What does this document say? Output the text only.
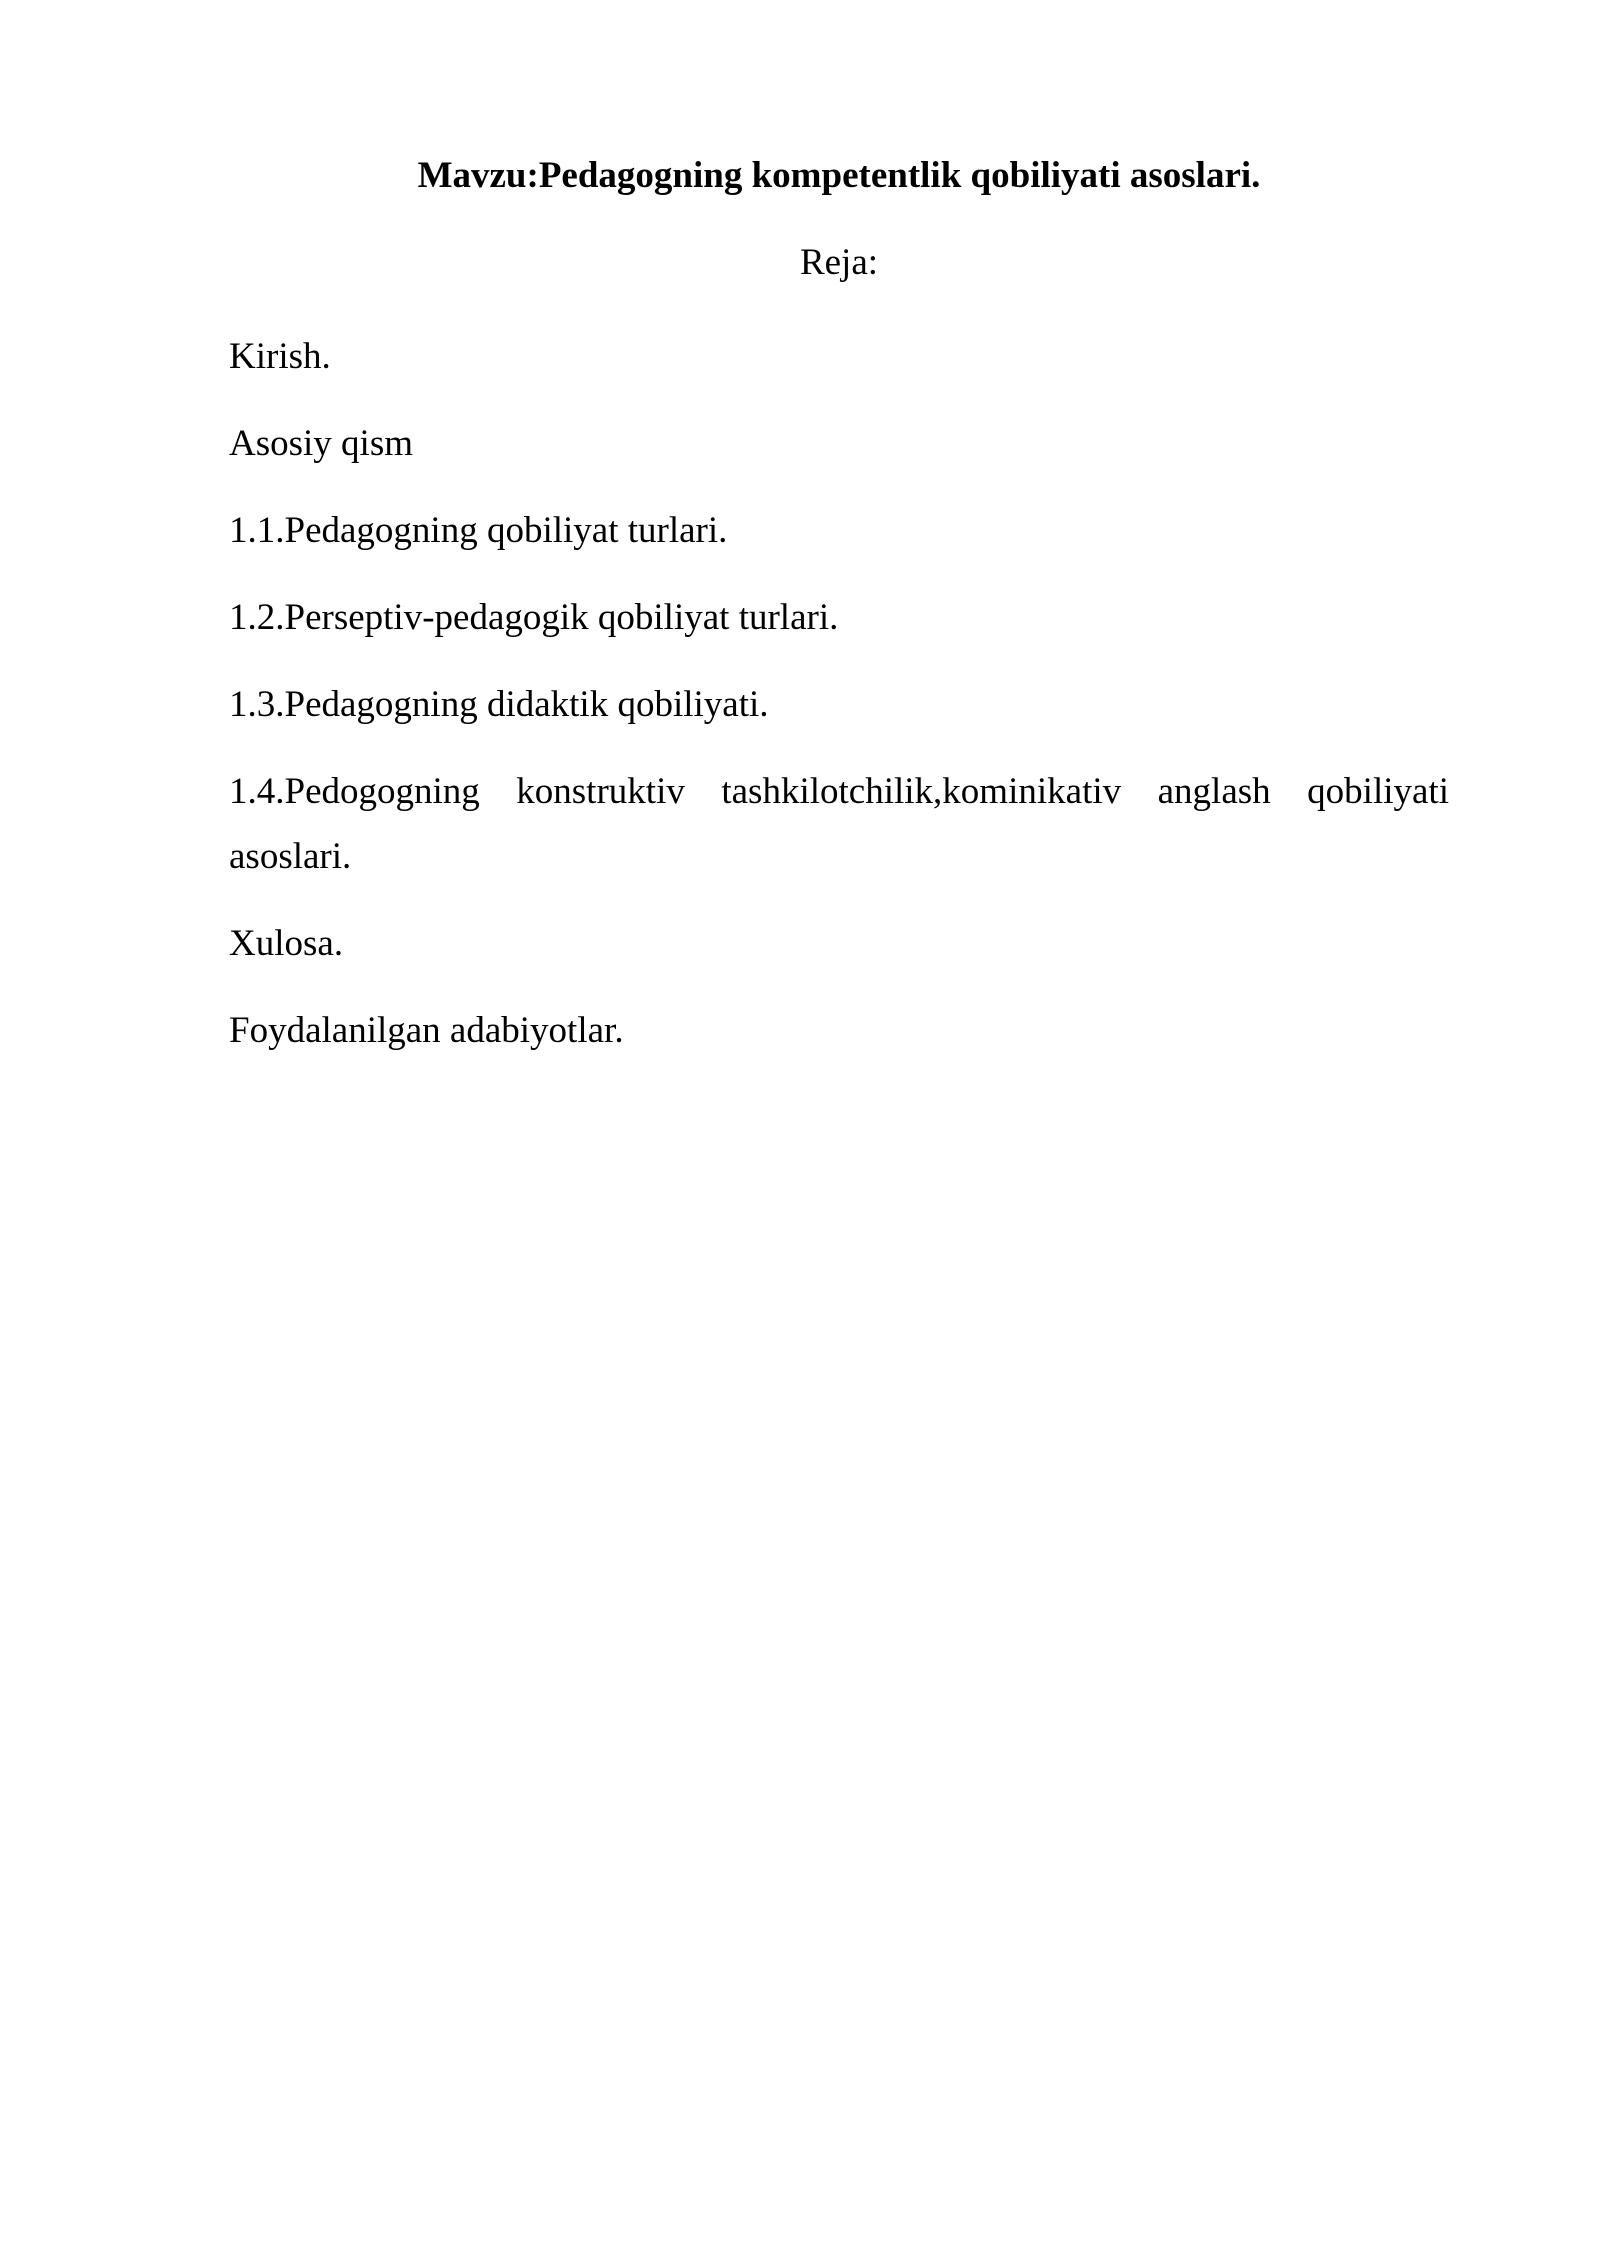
Mavzu:Pedagogning kompetentlik qobiliyati asoslari.
Reja:
Kirish.
Asosiy qism
1.1.Pedagogning qobiliyat turlari.
1.2.Perseptiv-pedagogik qobiliyat turlari.
1.3.Pedagogning didaktik qobiliyati.
1.4.Pedogogning konstruktiv tashkilotchilik,kominikativ anglash qobiliyati asoslari.
Xulosa.
Foydalanilgan adabiyotlar.
